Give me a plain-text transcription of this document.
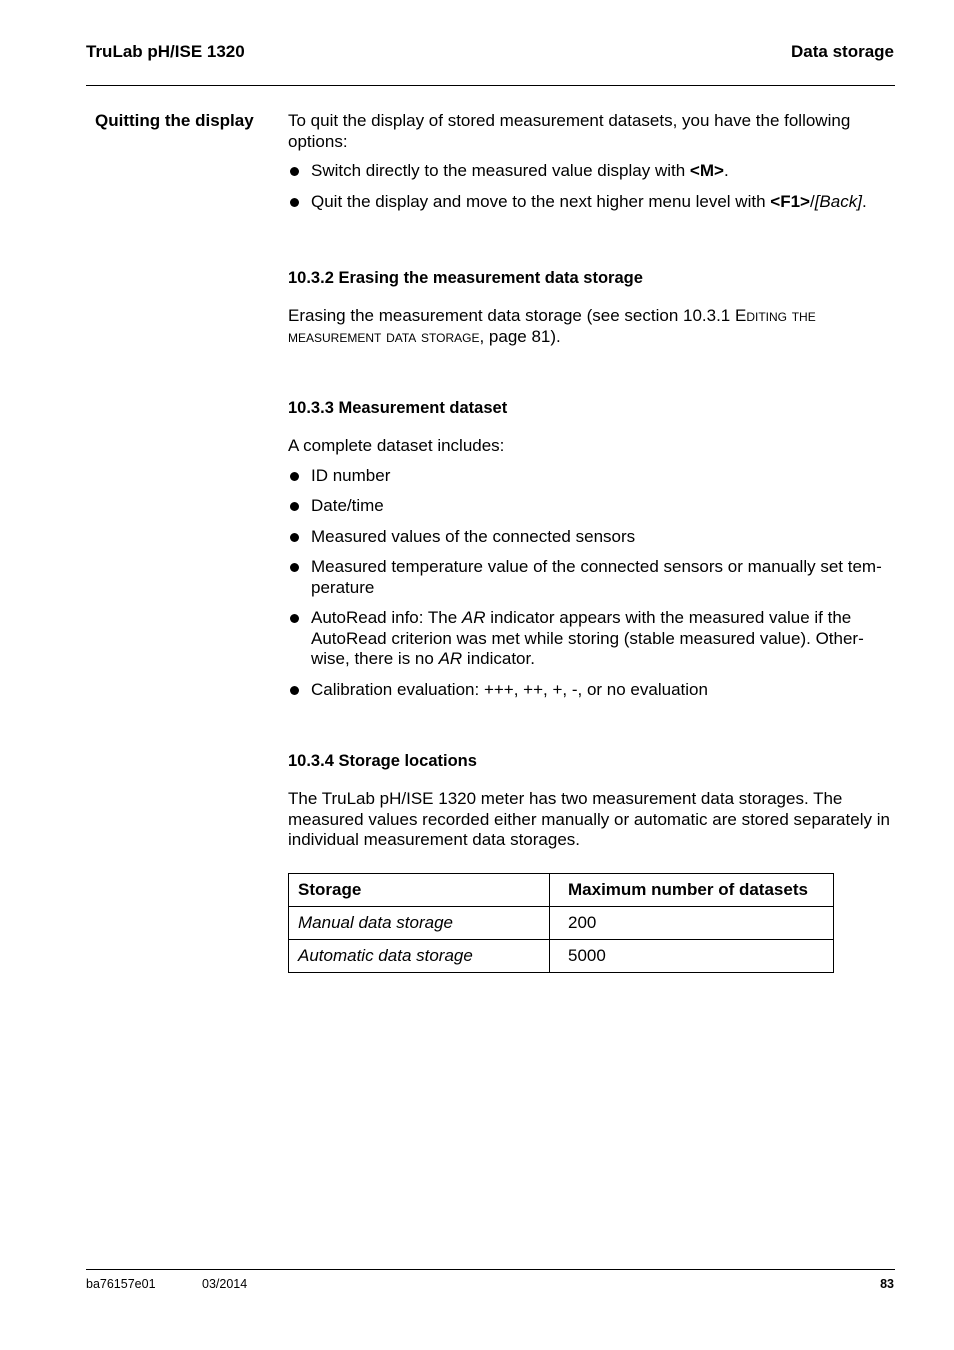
TruLab pH/ISE 1320	Data storage
Quitting the display To quit the display of stored measurement datasets, you have the following options:

Switch directly to the measured value display with <M>.
Quit the display and move to the next higher menu level with <F1>/[Back].
10.3.2 Erasing the measurement data storage

Erasing the measurement data storage (see section 10.3.1 Editing the measurement data storage, page 81).

10.3.3 Measurement dataset

A complete dataset includes:

ID number
Date/time
Measured values of the connected sensors
Measured temperature value of the connected sensors or manually set tem-perature
AutoRead info: The AR indicator appears with the measured value if the AutoRead criterion was met while storing (stable measured value). Other-wise, there is no AR indicator.
Calibration evaluation: +++, ++, +, -, or no evaluation
10.3.4 Storage locations

The TruLab pH/ISE 1320 meter has two measurement data storages. The measured values recorded either manually or automatic are stored separately in individual measurement data storages.

Storage	Maximum number of datasets
Manual data storage	200
Automatic data storage	5000
ba76157e01	03/2014	83
